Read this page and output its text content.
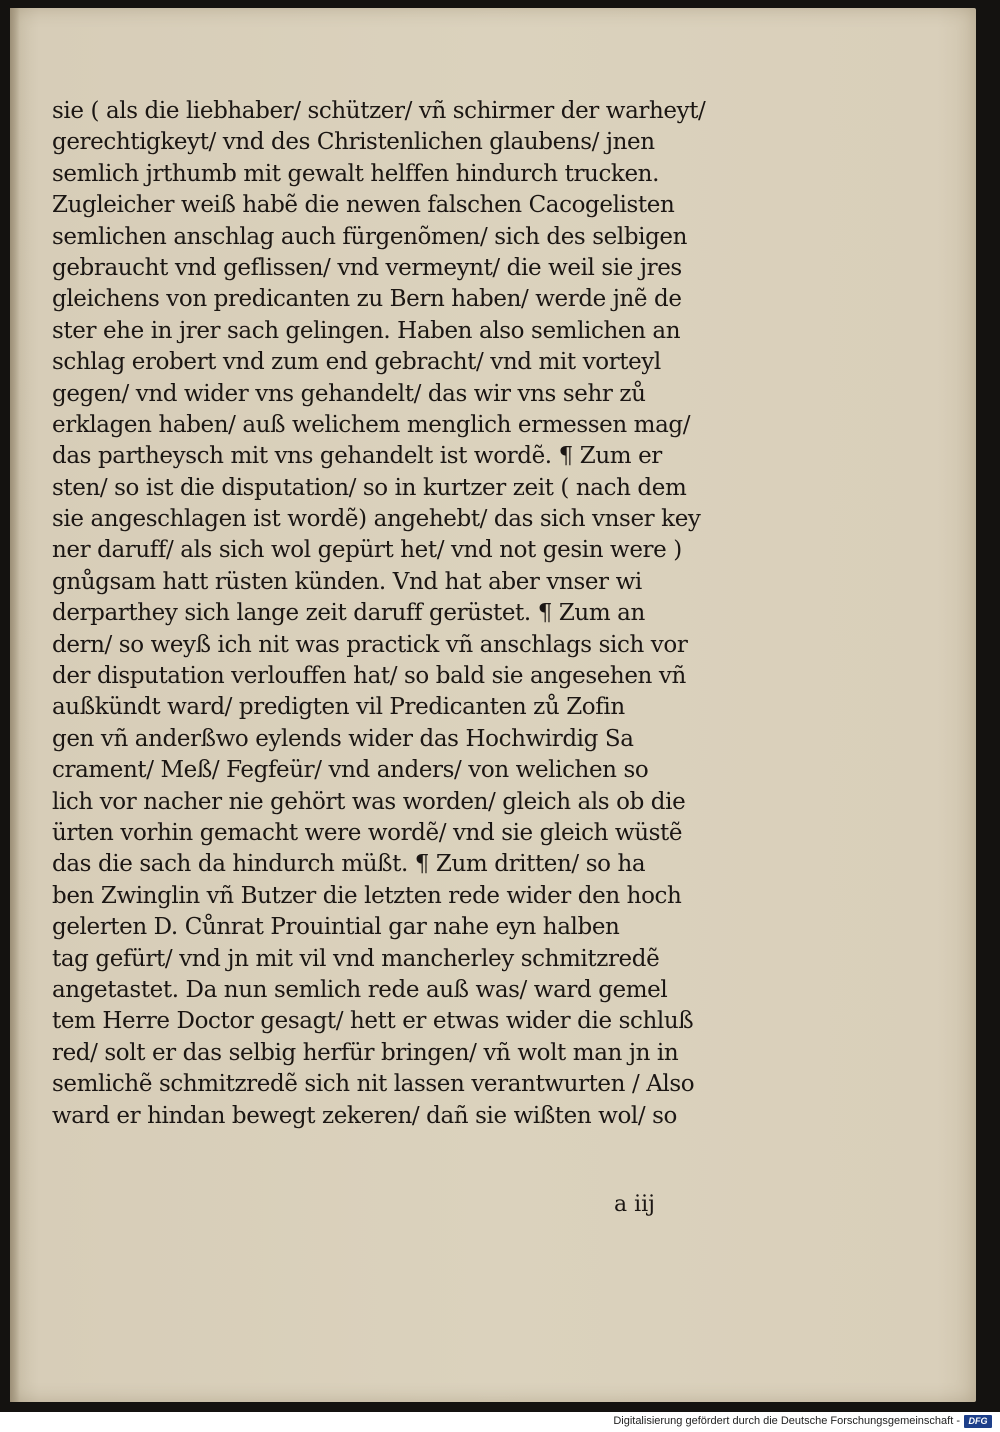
sie ( als die liebhaber/ schützer/ vñ schirmer der warheyt/
gerechtigkeyt/ vnd des Christenlichen glaubens/ jnen
semlich jrthumb mit gewalt helffen hindurch trucken.
Zugleicher weiß habẽ die newen falschen Cacogelisten
semlichen anschlag auch fürgenõmen/ sich des selbigen
gebraucht vnd geflissen/ vnd vermeynt/ die weil sie jres
gleichens von predicanten zu Bern haben/ werde jnẽ de
ster ehe in jrer sach gelingen. Haben also semlichen an
schlag erobert vnd zum end gebracht/ vnd mit vorteyl
gegen/ vnd wider vns gehandelt/ das wir vns sehr zů
erklagen haben/ auß welichem menglich ermessen mag/
das partheysch mit vns gehandelt ist wordẽ. ¶ Zum er
sten/ so ist die disputation/ so in kurtzer zeit ( nach dem
sie angeschlagen ist wordẽ) angehebt/ das sich vnser key
ner daruff/ als sich wol gepürt het/ vnd not gesin were )
gnůgsam hatt rüsten künden. Vnd hat aber vnser wi
derparthey sich lange zeit daruff gerüstet. ¶ Zum an
dern/ so weyß ich nit was practick vñ anschlags sich vor
der disputation verlouffen hat/ so bald sie angesehen vñ
außkündt ward/ predigten vil Predicanten zů Zofin
gen vñ anderßwo eylends wider das Hochwirdig Sa
crament/ Meß/ Fegfeür/ vnd anders/ von welichen so
lich vor nacher nie gehört was worden/ gleich als ob die
ürten vorhin gemacht were wordẽ/ vnd sie gleich wüstẽ
das die sach da hindurch müßt. ¶ Zum dritten/ so ha
ben Zwinglin vñ Butzer die letzten rede wider den hoch
gelerten D. Cůnrat Prouintial gar nahe eyn halben
tag gefürt/ vnd jn mit vil vnd mancherley schmitzredẽ
angetastet. Da nun semlich rede auß was/ ward gemel
tem Herre Doctor gesagt/ hett er etwas wider die schluß
red/ solt er das selbig herfür bringen/ vñ wolt man jn in
semlichẽ schmitzredẽ sich nit lassen verantwurten / Also
ward er hindan bewegt zekeren/ dañ sie wißten wol/ so
a iij
Digitalisierung gefördert durch die Deutsche Forschungsgemeinschaft - DFG
